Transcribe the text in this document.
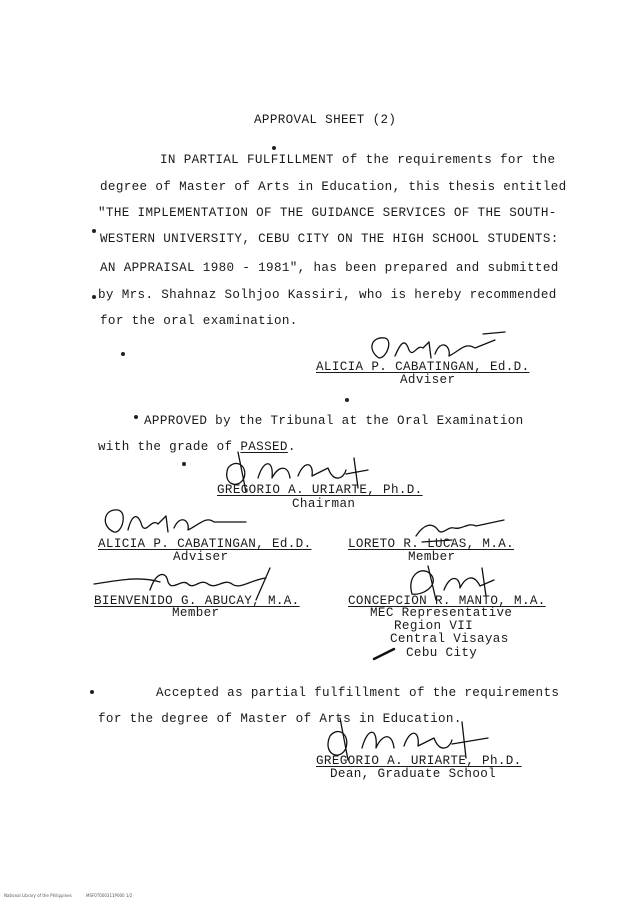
APPROVAL SHEET (2)
IN PARTIAL FULFILLMENT of the requirements for the
degree of Master of Arts in Education, this thesis entitled
"THE IMPLEMENTATION OF THE GUIDANCE SERVICES OF THE SOUTH-
WESTERN UNIVERSITY, CEBU CITY ON THE HIGH SCHOOL STUDENTS:
AN APPRAISAL 1980 - 1981", has been prepared and submitted
by Mrs. Shahnaz Solhjoo Kassiri, who is hereby recommended
for the oral examination.
ALICIA P. CABATINGAN, Ed.D.
Adviser
APPROVED by the Tribunal at the Oral Examination
with the grade of PASSED.
GREGORIO A. URIARTE, Ph.D.
Chairman
ALICIA P. CABATINGAN, Ed.D.
Adviser
LORETO R. LUCAS, M.A.
Member
BIENVENIDO G. ABUCAY, M.A.
Member
CONCEPCION R. MANTO, M.A.
MEC Representative
Region VII
Central Visayas
Cebu City
Accepted as partial fulfillment of the requirements
for the degree of Master of Arts in Education.
GREGORIO A. URIARTE, Ph.D.
Dean, Graduate School
National Library of the Philippines	MSF0T000311P000 1/2
